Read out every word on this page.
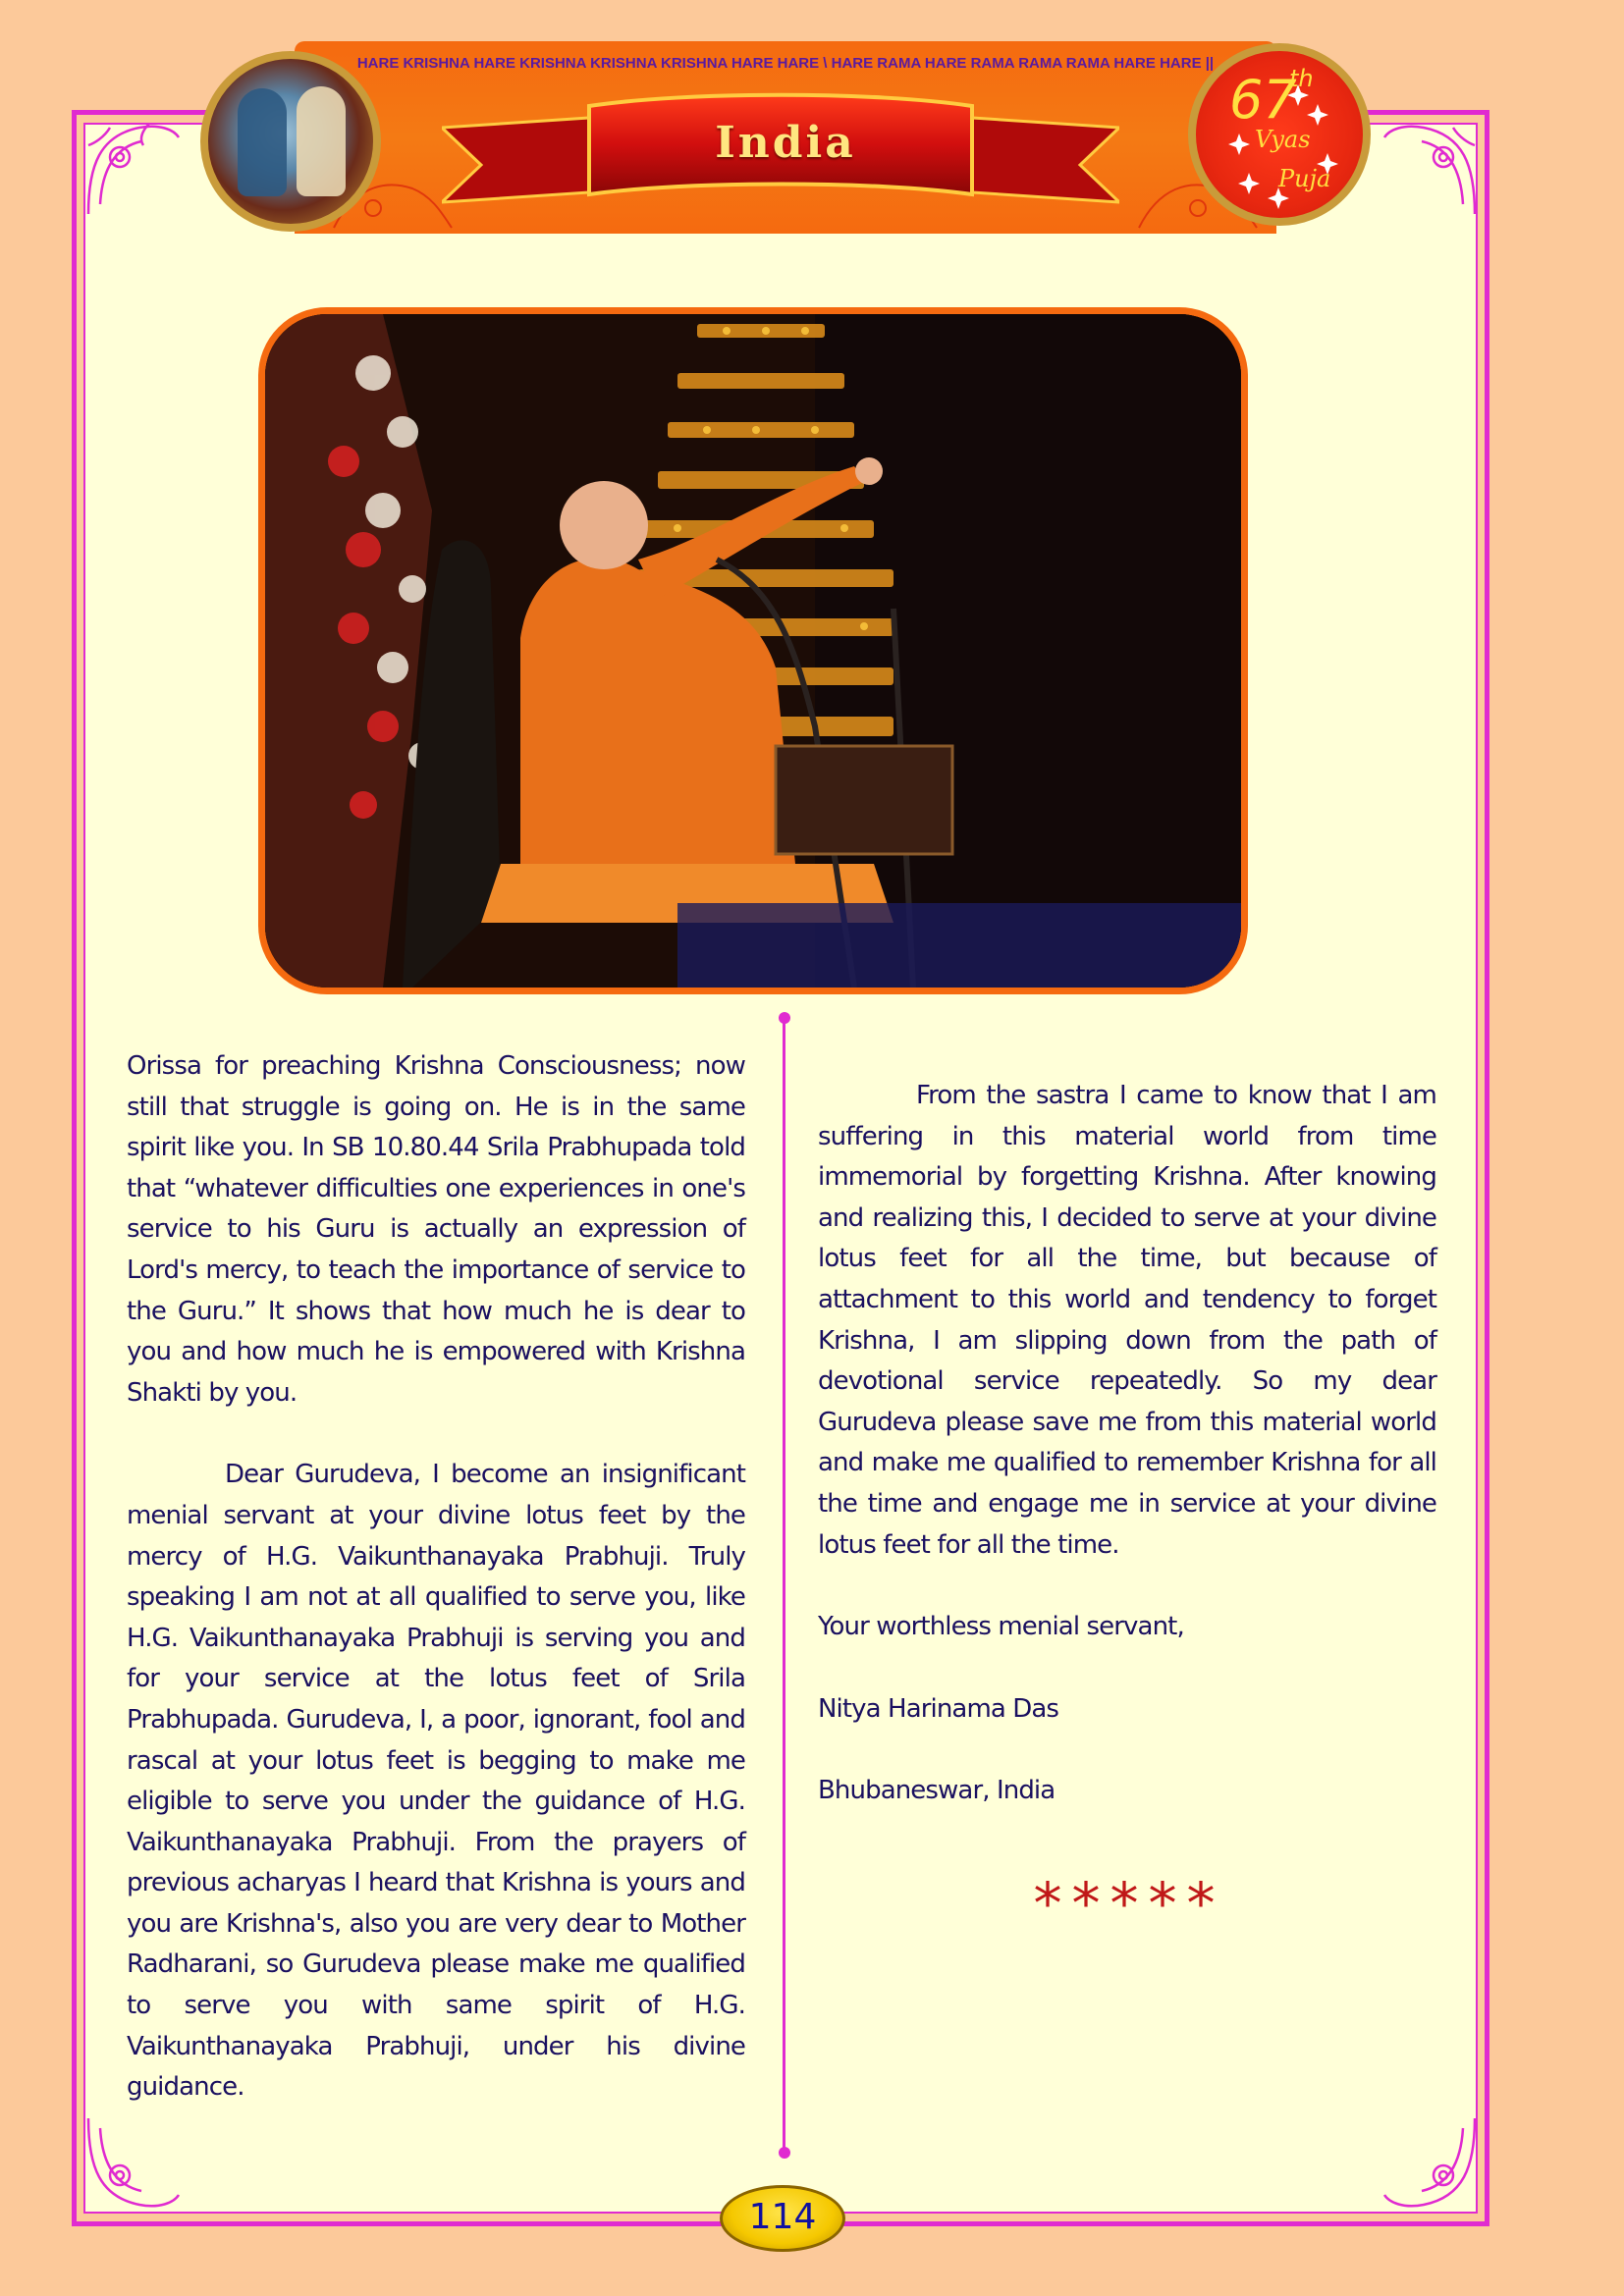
HARE KRISHNA HARE KRISHNA KRISHNA KRISHNA HARE HARE \ HARE RAMA HARE RAMA RAMA RAMA HARE HARE ||
India
67
th
Vyas
Puja

Orissa for preaching Krishna Consciousness; now still that struggle is going on. He is in the same spirit like you. In SB 10.80.44 Srila Prabhupada told that “whatever difficulties one experiences in one's service to his Guru is actually an expression of Lord's mercy, to teach the importance of service to the Guru.” It shows that how much he is dear to you and how much he is empowered with Krishna Shakti by you.

Dear Gurudeva, I become an insignificant menial servant at your divine lotus feet by the mercy of H.G. Vaikunthanayaka Prabhuji. Truly speaking I am not at all qualified to serve you, like H.G. Vaikunthanayaka Prabhuji is serving you and for your service at the lotus feet of Srila Prabhupada. Gurudeva, I, a poor, ignorant, fool and rascal at your lotus feet is begging to make me eligible to serve you under the guidance of H.G. Vaikunthanayaka Prabhuji. From the prayers of previous acharyas I heard that Krishna is yours and you are Krishna's, also you are very dear to Mother Radharani, so Gurudeva please make me qualified to serve you with same spirit of H.G. Vaikunthanayaka Prabhuji, under his divine guidance.

From the sastra I came to know that I am suffering in this material world from time immemorial by forgetting Krishna. After knowing and realizing this, I decided to serve at your divine lotus feet for all the time, but because of attachment to this world and tendency to forget Krishna, I am slipping down from the path of devotional service repeatedly. So my dear Gurudeva please save me from this material world and make me qualified to remember Krishna for all the time and engage me in service at your divine lotus feet for all the time.

Your worthless menial servant,

Nitya Harinama Das

Bhubaneswar, India

*****
114
